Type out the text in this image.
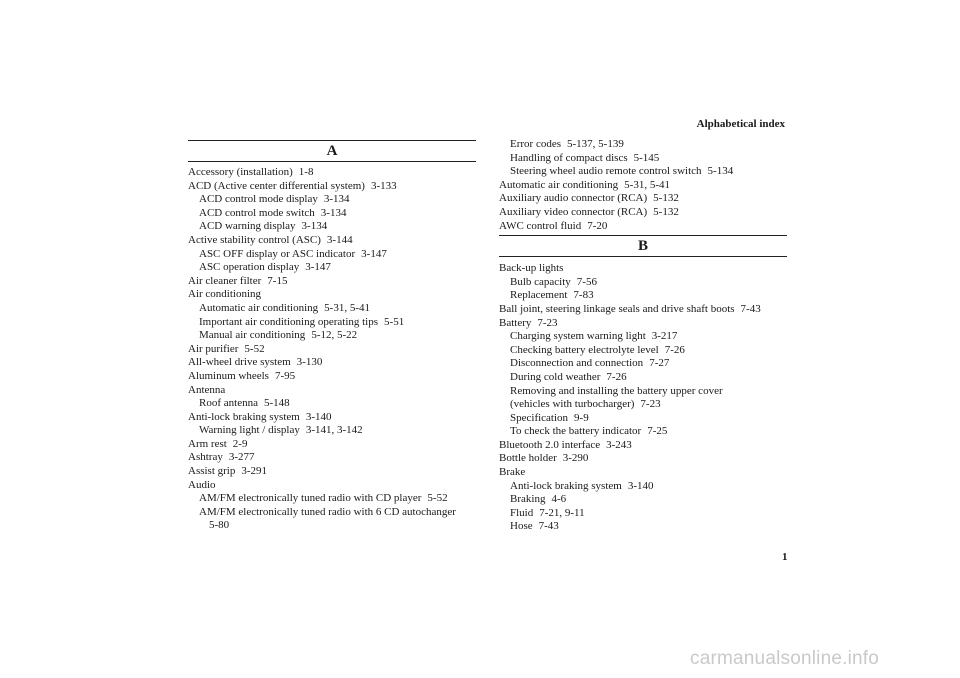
Alphabetical index
A
Accessory (installation) 1-8
ACD (Active center differential system) 3-133
ACD control mode display 3-134
ACD control mode switch 3-134
ACD warning display 3-134
Active stability control (ASC) 3-144
ASC OFF display or ASC indicator 3-147
ASC operation display 3-147
Air cleaner filter 7-15
Air conditioning
Automatic air conditioning 5-31, 5-41
Important air conditioning operating tips 5-51
Manual air conditioning 5-12, 5-22
Air purifier 5-52
All-wheel drive system 3-130
Aluminum wheels 7-95
Antenna
Roof antenna 5-148
Anti-lock braking system 3-140
Warning light / display 3-141, 3-142
Arm rest 2-9
Ashtray 3-277
Assist grip 3-291
Audio
AM/FM electronically tuned radio with CD player 5-52
AM/FM electronically tuned radio with 6 CD autochanger
5-80
Error codes 5-137, 5-139
Handling of compact discs 5-145
Steering wheel audio remote control switch 5-134
Automatic air conditioning 5-31, 5-41
Auxiliary audio connector (RCA) 5-132
Auxiliary video connector (RCA) 5-132
AWC control fluid 7-20
B
Back-up lights
Bulb capacity 7-56
Replacement 7-83
Ball joint, steering linkage seals and drive shaft boots 7-43
Battery 7-23
Charging system warning light 3-217
Checking battery electrolyte level 7-26
Disconnection and connection 7-27
During cold weather 7-26
Removing and installing the battery upper cover
(vehicles with turbocharger) 7-23
Specification 9-9
To check the battery indicator 7-25
Bluetooth 2.0 interface 3-243
Bottle holder 3-290
Brake
Anti-lock braking system 3-140
Braking 4-6
Fluid 7-21, 9-11
Hose 7-43
1
carmanualsonline.info
